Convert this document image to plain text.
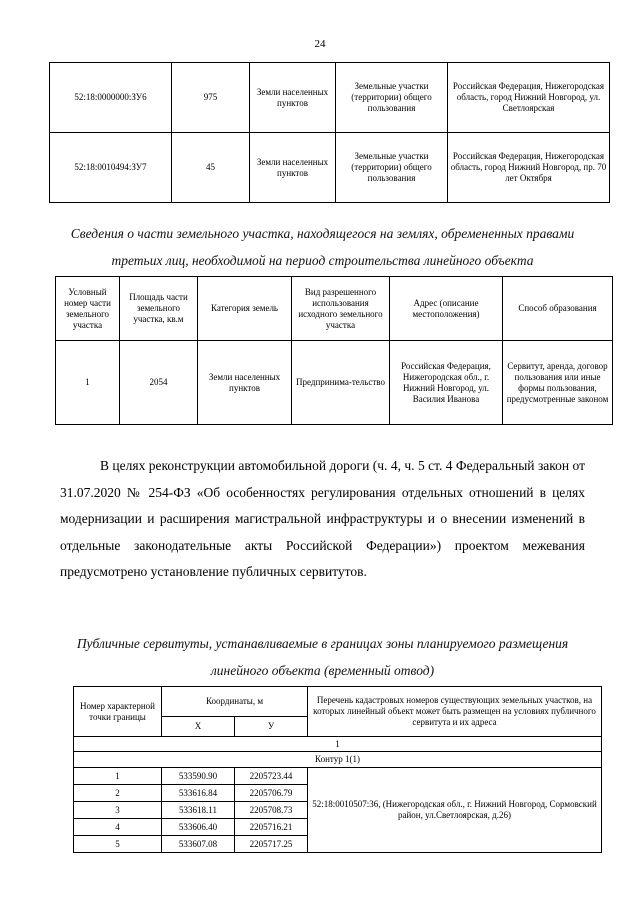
24
52:18:0000000:ЗУ6	975	Земли населенных пунктов	Земельные участки (территории) общего пользования	Российская Федерация, Нижегородская область, город Нижний Новгород, ул. Светлоярская
52:18:0010494:ЗУ7	45	Земли населенных пунктов	Земельные участки (территории) общего пользования	Российская Федерация, Нижегородская область, город Нижний Новгород, пр. 70 лет Октября
Сведения о части земельного участка, находящегося на землях, обремененных правами третьих лиц, необходимой на период строительства линейного объекта
Условный номер части земельного участка	Площадь части земельного участка, кв.м	Категория земель	Вид разрешенного использования исходного земельного участка	Адрес (описание местоположения)	Способ образования
1	2054	Земли населенных пунктов	Предпринима-тельство	Российская Федерация, Нижегородская обл., г. Нижний Новгород, ул. Василия Иванова	Сервитут, аренда, договор пользования или иные формы пользования, предусмотренные законом

В целях реконструкции автомобильной дороги (ч. 4, ч. 5 ст. 4 Федеральный закон от 31.07.2020 № 254-ФЗ «Об особенностях регулирования отдельных отношений в целях модернизации и расширения магистральной инфраструктуры и о внесении изменений в отдельные законодательные акты Российской Федерации») проектом межевания предусмотрено установление публичных сервитутов.

Публичные сервитуты, устанавливаемые в границах зоны планируемого размещения линейного объекта (временный отвод)
Номер характерной точки границы	Координаты, м		Перечень кадастровых номеров существующих земельных участков, на которых линейный объект может быть размещен на условиях публичного сервитута и их адреса
	X	У	
1			
Контур 1(1)			
1	533590.90	2205723.44	52:18:0010507:36, (Нижегородская обл., г. Нижний Новгород, Сормовский район, ул.Светлоярская, д.26)
2	533616.84	2205706.79	
3	533618.11	2205708.73	
4	533606.40	2205716.21	
5	533607.08	2205717.25	
